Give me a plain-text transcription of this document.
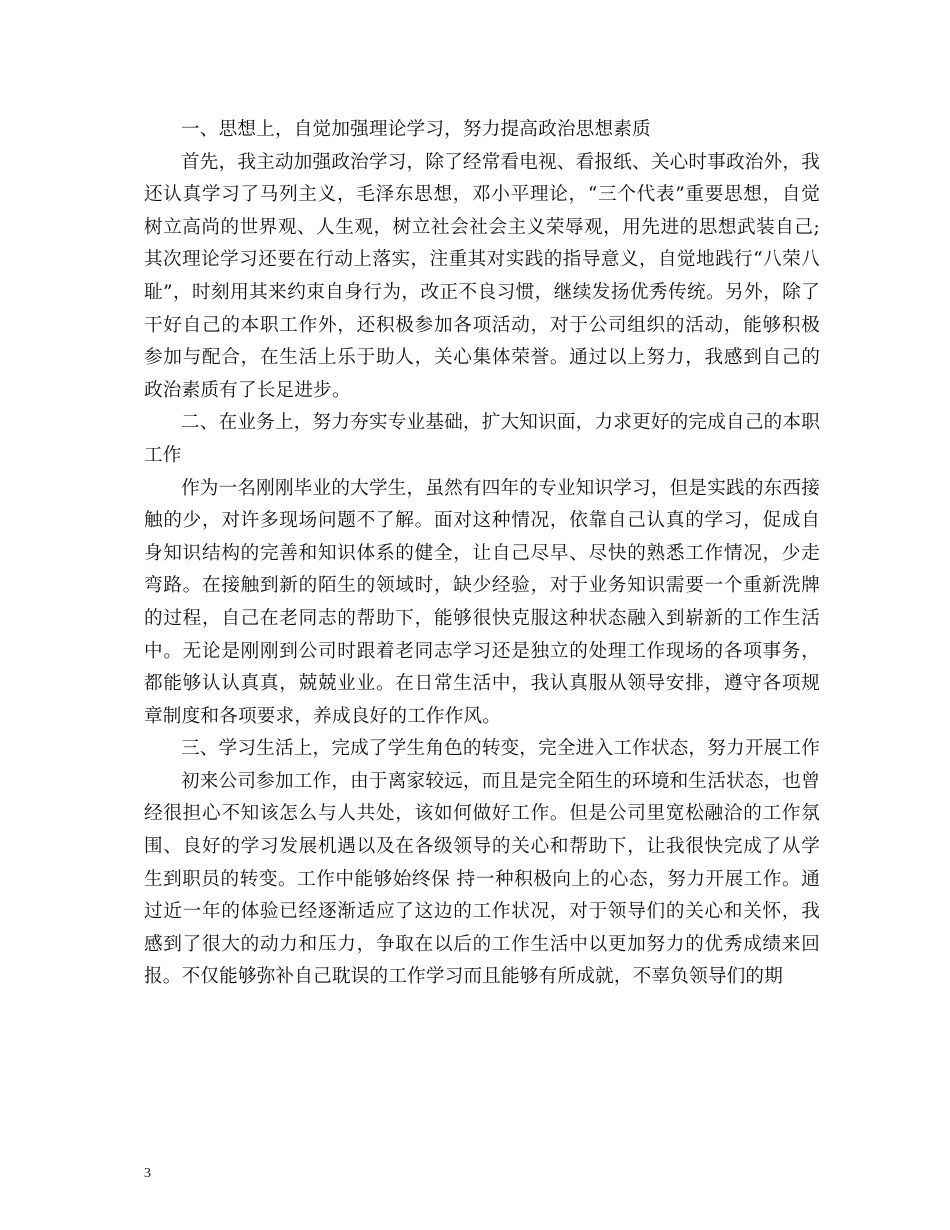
一、思想上，自觉加强理论学习，努力提高政治思想素质

首先，我主动加强政治学习，除了经常看电视、看报纸、关心时事政治外，我还认真学习了马列主义，毛泽东思想，邓小平理论，“三个代表”重要思想，自觉树立高尚的世界观、人生观，树立社会社会主义荣辱观，用先进的思想武装自己;其次理论学习还要在行动上落实，注重其对实践的指导意义，自觉地践行“八荣八耻”，时刻用其来约束自身行为，改正不良习惯，继续发扬优秀传统。另外，除了干好自己的本职工作外，还积极参加各项活动，对于公司组织的活动，能够积极参加与配合，在生活上乐于助人，关心集体荣誉。通过以上努力，我感到自己的政治素质有了长足进步。

二、在业务上，努力夯实专业基础，扩大知识面，力求更好的完成自己的本职工作

作为一名刚刚毕业的大学生，虽然有四年的专业知识学习，但是实践的东西接触的少，对许多现场问题不了解。面对这种情况，依靠自己认真的学习，促成自身知识结构的完善和知识体系的健全，让自己尽早、尽快的熟悉工作情况，少走弯路。在接触到新的陌生的领域时，缺少经验，对于业务知识需要一个重新洗牌的过程，自己在老同志的帮助下，能够很快克服这种状态融入到崭新的工作生活中。无论是刚刚到公司时跟着老同志学习还是独立的处理工作现场的各项事务，都能够认认真真，兢兢业业。在日常生活中，我认真服从领导安排，遵守各项规章制度和各项要求，养成良好的工作作风。

三、学习生活上，完成了学生角色的转变，完全进入工作状态，努力开展工作

初来公司参加工作，由于离家较远，而且是完全陌生的环境和生活状态，也曾经很担心不知该怎么与人共处，该如何做好工作。但是公司里宽松融洽的工作氛围、良好的学习发展机遇以及在各级领导的关心和帮助下，让我很快完成了从学生到职员的转变。工作中能够始终保 持一种积极向上的心态，努力开展工作。通过近一年的体验已经逐渐适应了这边的工作状况，对于领导们的关心和关怀，我感到了很大的动力和压力，争取在以后的工作生活中以更加努力的优秀成绩来回报。不仅能够弥补自己耽误的工作学习而且能够有所成就，不辜负领导们的期

3
